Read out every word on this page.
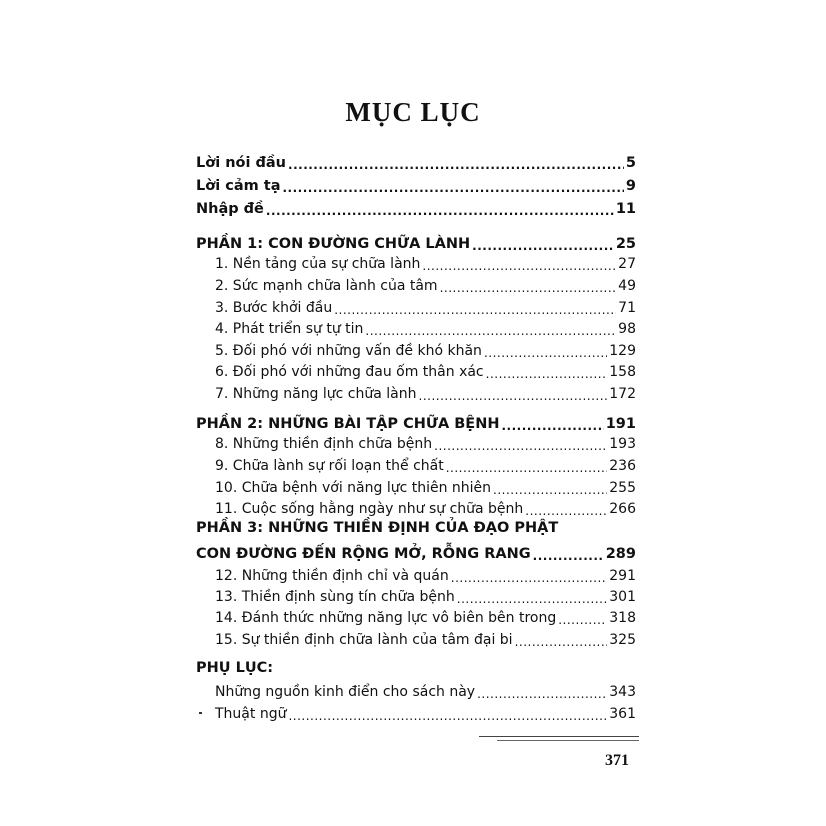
MỤC LỤC
Lời nói đầu .....	5
Lời cảm tạ .....	9
Nhập đề .....	11
PHẦN 1: CON ĐƯỜNG CHỮA LÀNH .....	25
1. Nền tảng của sự chữa lành .....	27
2. Sức mạnh chữa lành của tâm .....	49
3. Bước khởi đầu .....	71
4. Phát triển sự tự tin .....	98
5. Đối phó với những vấn đề khó khăn .....	129
6. Đối phó với những đau ốm thân xác .....	158
7. Những năng lực chữa lành .....	172
PHẦN 2: NHỮNG BÀI TẬP CHỮA BỆNH .....	191
8. Những thiền định chữa bệnh .....	193
9. Chữa lành sự rối loạn thể chất .....	236
10. Chữa bệnh với năng lực thiên nhiên .....	255
11. Cuộc sống hằng ngày như sự chữa bệnh .....	266
PHẦN 3: NHỮNG THIỀN ĐỊNH CỦA ĐẠO PHẬT
CON ĐƯỜNG ĐẾN RỘNG MỞ, RỖNG RANG .....	289
12. Những thiền định chỉ và quán .....	291
13. Thiền định sùng tín chữa bệnh .....	301
14. Đánh thức những năng lực vô biên bên trong .....	318
15. Sự thiền định chữa lành của tâm đại bi .....	325
PHỤ LỤC:
Những nguồn kinh điển cho sách này .....	343
Thuật ngữ .....	361
371
